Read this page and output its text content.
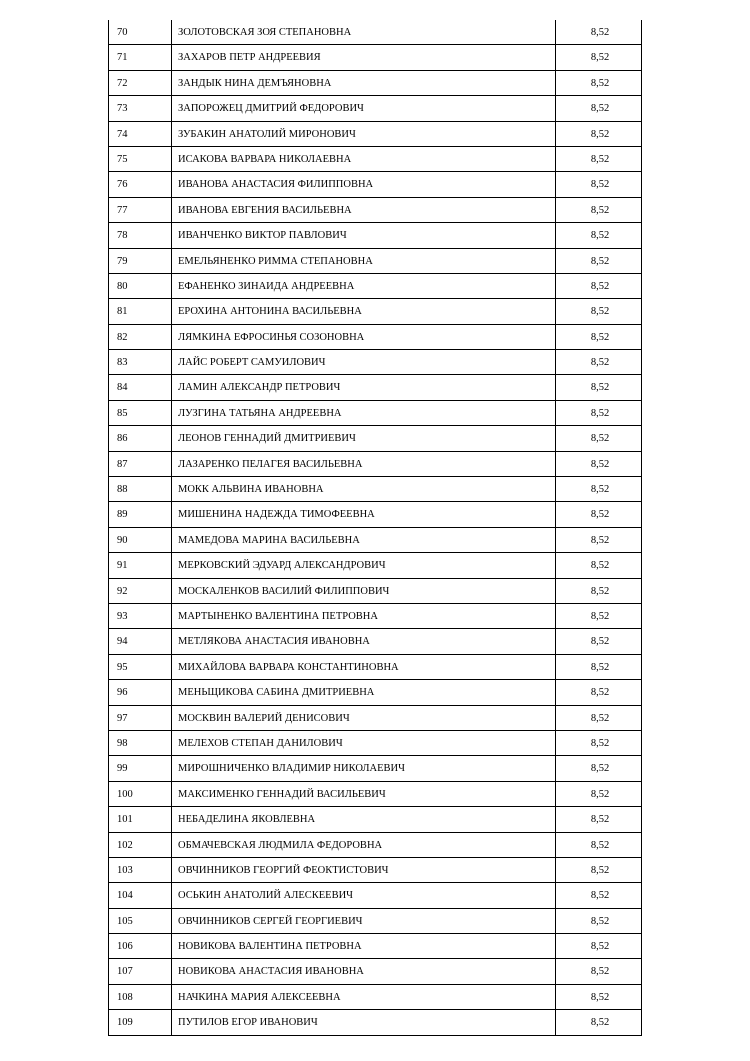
70	ЗОЛОТОВСКАЯ ЗОЯ СТЕПАНОВНА	8,52

71	ЗАХАРОВ ПЕТР АНДРЕЕВИЯ	8,52

72	ЗАНДЫК НИНА ДЕМЪЯНОВНА	8,52

73	ЗАПОРОЖЕЦ ДМИТРИЙ ФЕДОРОВИЧ	8,52

74	ЗУБАКИН АНАТОЛИЙ МИРОНОВИЧ	8,52

75	ИСАКОВА ВАРВАРА НИКОЛАЕВНА	8,52

76	ИВАНОВА АНАСТАСИЯ ФИЛИППОВНА	8,52

77	ИВАНОВА ЕВГЕНИЯ ВАСИЛЬЕВНА	8,52

78	ИВАНЧЕНКО ВИКТОР ПАВЛОВИЧ	8,52

79	ЕМЕЛЬЯНЕНКО РИММА СТЕПАНОВНА	8,52

80	ЕФАНЕНКО ЗИНАИДА АНДРЕЕВНА	8,52

81	ЕРОХИНА АНТОНИНА ВАСИЛЬЕВНА	8,52

82	ЛЯМКИНА ЕФРОСИНЬЯ СОЗОНОВНА	8,52

83	ЛАЙС РОБЕРТ САМУИЛОВИЧ	8,52

84	ЛАМИН АЛЕКСАНДР ПЕТРОВИЧ	8,52

85	ЛУЗГИНА ТАТЬЯНА АНДРЕЕВНА	8,52

86	ЛЕОНОВ ГЕННАДИЙ ДМИТРИЕВИЧ	8,52

87	ЛАЗАРЕНКО ПЕЛАГЕЯ ВАСИЛЬЕВНА	8,52

88	МОКК АЛЬВИНА ИВАНОВНА	8,52

89	МИШЕНИНА НАДЕЖДА ТИМОФЕЕВНА	8,52

90	МАМЕДОВА МАРИНА ВАСИЛЬЕВНА	8,52

91	МЕРКОВСКИЙ ЭДУАРД АЛЕКСАНДРОВИЧ	8,52

92	МОСКАЛЕНКОВ ВАСИЛИЙ ФИЛИППОВИЧ	8,52

93	МАРТЫНЕНКО ВАЛЕНТИНА ПЕТРОВНА	8,52

94	МЕТЛЯКОВА АНАСТАСИЯ ИВАНОВНА	8,52

95	МИХАЙЛОВА ВАРВАРА КОНСТАНТИНОВНА	8,52

96	МЕНЬЩИКОВА САБИНА ДМИТРИЕВНА	8,52

97	МОСКВИН ВАЛЕРИЙ ДЕНИСОВИЧ	8,52

98	МЕЛЕХОВ СТЕПАН ДАНИЛОВИЧ	8,52

99	МИРОШНИЧЕНКО ВЛАДИМИР НИКОЛАЕВИЧ	8,52

100	МАКСИМЕНКО ГЕННАДИЙ ВАСИЛЬЕВИЧ	8,52

101	НЕБАДЕЛИНА ЯКОВЛЕВНА	8,52

102	ОБМАЧЕВСКАЯ ЛЮДМИЛА ФЕДОРОВНА	8,52

103	ОВЧИННИКОВ ГЕОРГИЙ ФЕОКТИСТОВИЧ	8,52

104	ОСЬКИН АНАТОЛИЙ АЛЕСКЕЕВИЧ	8,52

105	ОВЧИННИКОВ СЕРГЕЙ ГЕОРГИЕВИЧ	8,52

106	НОВИКОВА ВАЛЕНТИНА ПЕТРОВНА	8,52

107	НОВИКОВА АНАСТАСИЯ ИВАНОВНА	8,52

108	НАЧКИНА МАРИЯ АЛЕКСЕЕВНА	8,52

109	ПУТИЛОВ ЕГОР ИВАНОВИЧ	8,52
